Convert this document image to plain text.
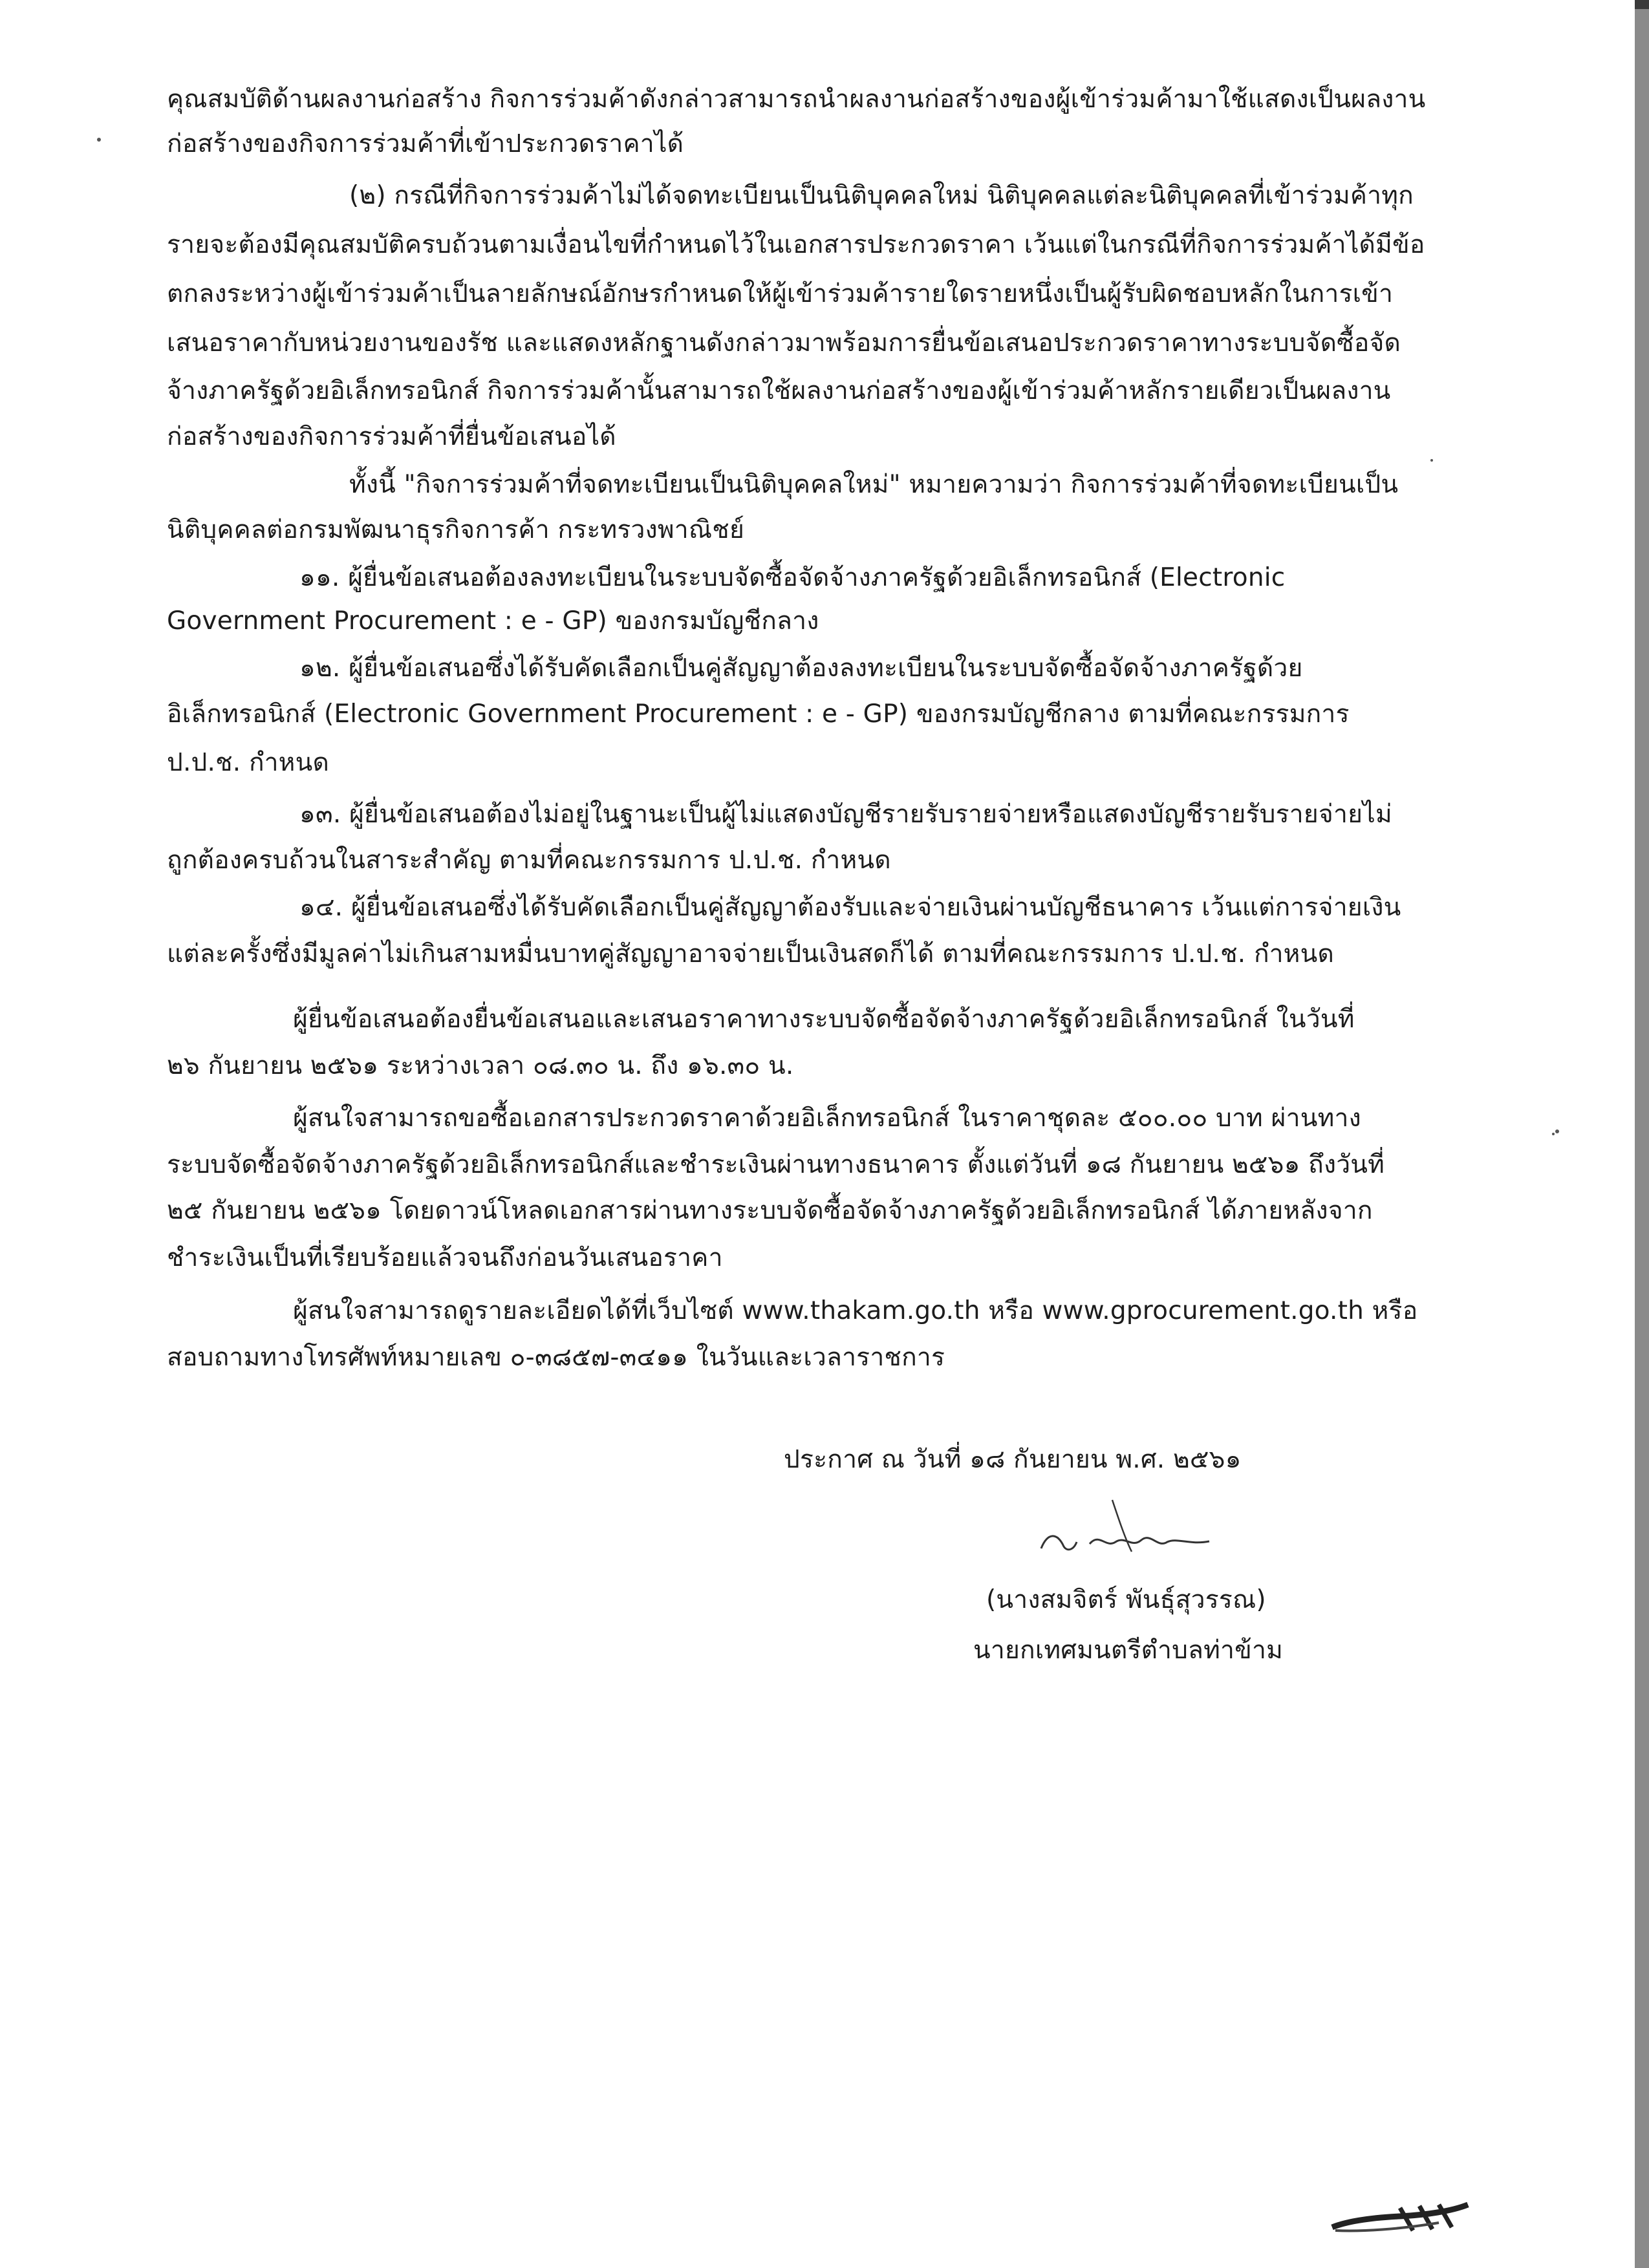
คุณสมบัติด้านผลงานก่อสร้าง กิจการร่วมค้าดังกล่าวสามารถนำผลงานก่อสร้างของผู้เข้าร่วมค้ามาใช้แสดงเป็นผลงาน
ก่อสร้างของกิจการร่วมค้าที่เข้าประกวดราคาได้
(๒) กรณีที่กิจการร่วมค้าไม่ได้จดทะเบียนเป็นนิติบุคคลใหม่ นิติบุคคลแต่ละนิติบุคคลที่เข้าร่วมค้าทุก
รายจะต้องมีคุณสมบัติครบถ้วนตามเงื่อนไขที่กำหนดไว้ในเอกสารประกวดราคา เว้นแต่ในกรณีที่กิจการร่วมค้าได้มีข้อ
ตกลงระหว่างผู้เข้าร่วมค้าเป็นลายลักษณ์อักษรกำหนดให้ผู้เข้าร่วมค้ารายใดรายหนึ่งเป็นผู้รับผิดชอบหลักในการเข้า
เสนอราคากับหน่วยงานของรัช และแสดงหลักฐานดังกล่าวมาพร้อมการยื่นข้อเสนอประกวดราคาทางระบบจัดซื้อจัด
จ้างภาครัฐด้วยอิเล็กทรอนิกส์ กิจการร่วมค้านั้นสามารถใช้ผลงานก่อสร้างของผู้เข้าร่วมค้าหลักรายเดียวเป็นผลงาน
ก่อสร้างของกิจการร่วมค้าที่ยื่นข้อเสนอได้
ทั้งนี้ "กิจการร่วมค้าที่จดทะเบียนเป็นนิติบุคคลใหม่" หมายความว่า กิจการร่วมค้าที่จดทะเบียนเป็น
นิติบุคคลต่อกรมพัฒนาธุรกิจการค้า กระทรวงพาณิชย์
๑๑. ผู้ยื่นข้อเสนอต้องลงทะเบียนในระบบจัดซื้อจัดจ้างภาครัฐด้วยอิเล็กทรอนิกส์ (Electronic
Government Procurement : e - GP) ของกรมบัญชีกลาง
๑๒. ผู้ยื่นข้อเสนอซึ่งได้รับคัดเลือกเป็นคู่สัญญาต้องลงทะเบียนในระบบจัดซื้อจัดจ้างภาครัฐด้วย
อิเล็กทรอนิกส์ (Electronic Government Procurement : e - GP) ของกรมบัญชีกลาง ตามที่คณะกรรมการ
ป.ป.ช. กำหนด
๑๓. ผู้ยื่นข้อเสนอต้องไม่อยู่ในฐานะเป็นผู้ไม่แสดงบัญชีรายรับรายจ่ายหรือแสดงบัญชีรายรับรายจ่ายไม่
ถูกต้องครบถ้วนในสาระสำคัญ ตามที่คณะกรรมการ ป.ป.ช. กำหนด
๑๔. ผู้ยื่นข้อเสนอซึ่งได้รับคัดเลือกเป็นคู่สัญญาต้องรับและจ่ายเงินผ่านบัญชีธนาคาร เว้นแต่การจ่ายเงิน
แต่ละครั้งซึ่งมีมูลค่าไม่เกินสามหมื่นบาทคู่สัญญาอาจจ่ายเป็นเงินสดก็ได้ ตามที่คณะกรรมการ ป.ป.ช. กำหนด
ผู้ยื่นข้อเสนอต้องยื่นข้อเสนอและเสนอราคาทางระบบจัดซื้อจัดจ้างภาครัฐด้วยอิเล็กทรอนิกส์ ในวันที่
๒๖ กันยายน ๒๕๖๑ ระหว่างเวลา ๐๘.๓๐ น. ถึง ๑๖.๓๐ น.
ผู้สนใจสามารถขอซื้อเอกสารประกวดราคาด้วยอิเล็กทรอนิกส์ ในราคาชุดละ ๕๐๐.๐๐ บาท ผ่านทาง
ระบบจัดซื้อจัดจ้างภาครัฐด้วยอิเล็กทรอนิกส์และชำระเงินผ่านทางธนาคาร ตั้งแต่วันที่ ๑๘ กันยายน ๒๕๖๑ ถึงวันที่
๒๕ กันยายน ๒๕๖๑ โดยดาวน์โหลดเอกสารผ่านทางระบบจัดซื้อจัดจ้างภาครัฐด้วยอิเล็กทรอนิกส์ ได้ภายหลังจาก
ชำระเงินเป็นที่เรียบร้อยแล้วจนถึงก่อนวันเสนอราคา
ผู้สนใจสามารถดูรายละเอียดได้ที่เว็บไซต์ www.thakam.go.th หรือ www.gprocurement.go.th หรือ
สอบถามทางโทรศัพท์หมายเลข ๐-๓๘๕๗-๓๔๑๑ ในวันและเวลาราชการ
ประกาศ ณ วันที่ ๑๘ กันยายน พ.ศ. ๒๕๖๑
(นางสมจิตร์ พันธุ์สุวรรณ)
นายกเทศมนตรีตำบลท่าข้าม
